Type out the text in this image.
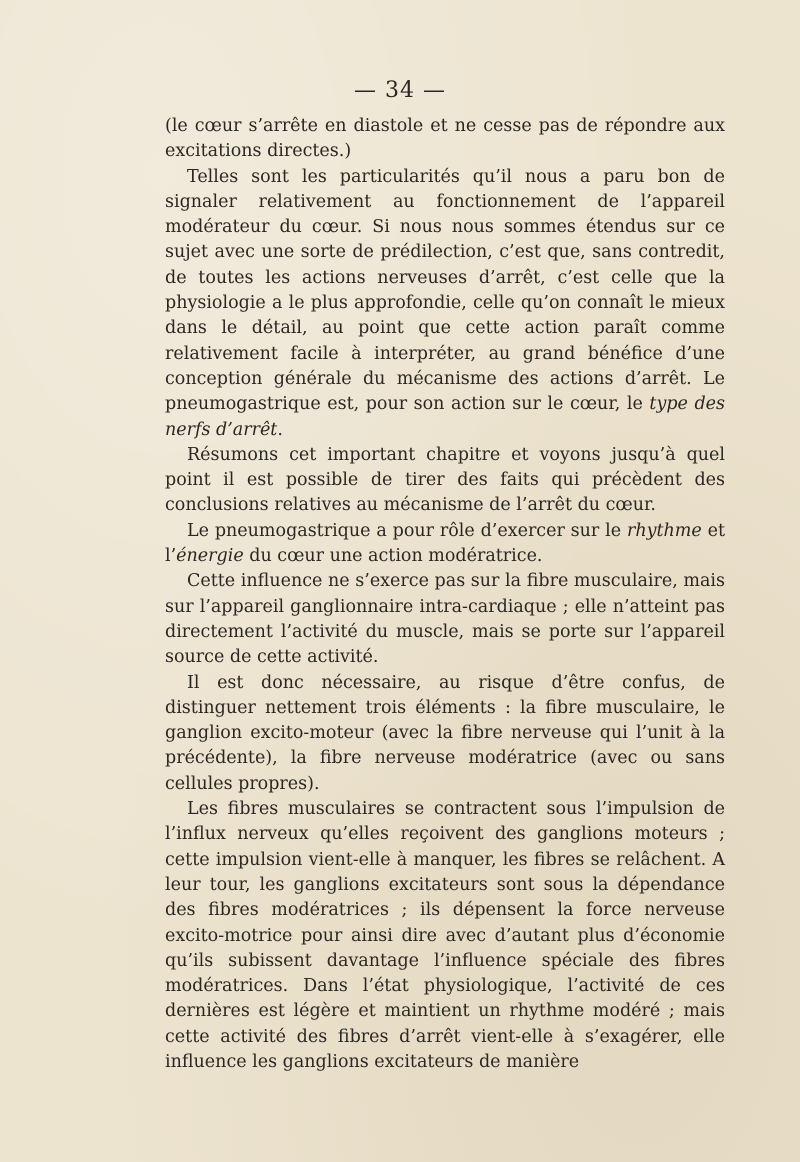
— 34 —

(le cœur s’arrête en diastole et ne cesse pas de répondre aux excitations directes.)

Telles sont les particularités qu’il nous a paru bon de signaler relativement au fonctionnement de l’appareil modérateur du cœur. Si nous nous sommes étendus sur ce sujet avec une sorte de prédilection, c’est que, sans contredit, de toutes les actions nerveuses d’arrêt, c’est celle que la physiologie a le plus approfondie, celle qu’on connaît le mieux dans le détail, au point que cette action paraît comme relativement facile à interpréter, au grand bénéfice d’une conception générale du mécanisme des actions d’arrêt. Le pneumogastrique est, pour son action sur le cœur, le type des nerfs d’arrêt.

Résumons cet important chapitre et voyons jusqu’à quel point il est possible de tirer des faits qui précèdent des conclusions relatives au mécanisme de l’arrêt du cœur.

Le pneumogastrique a pour rôle d’exercer sur le rhythme et l’énergie du cœur une action modératrice.

Cette influence ne s’exerce pas sur la fibre musculaire, mais sur l’appareil ganglionnaire intra-cardiaque ; elle n’atteint pas directement l’activité du muscle, mais se porte sur l’appareil source de cette activité.

Il est donc nécessaire, au risque d’être confus, de distinguer nettement trois éléments : la fibre musculaire, le ganglion excito-moteur (avec la fibre nerveuse qui l’unit à la précédente), la fibre nerveuse modératrice (avec ou sans cellules propres).

Les fibres musculaires se contractent sous l’impulsion de l’influx nerveux qu’elles reçoivent des ganglions moteurs ; cette impulsion vient-elle à manquer, les fibres se relâchent. A leur tour, les ganglions excitateurs sont sous la dépendance des fibres modératrices ; ils dépensent la force nerveuse excito-motrice pour ainsi dire avec d’autant plus d’économie qu’ils subissent davantage l’influence spéciale des fibres modératrices. Dans l’état physiologique, l’activité de ces dernières est légère et maintient un rhythme modéré ; mais cette activité des fibres d’arrêt vient-elle à s’exagérer, elle influence les ganglions excitateurs de manière
